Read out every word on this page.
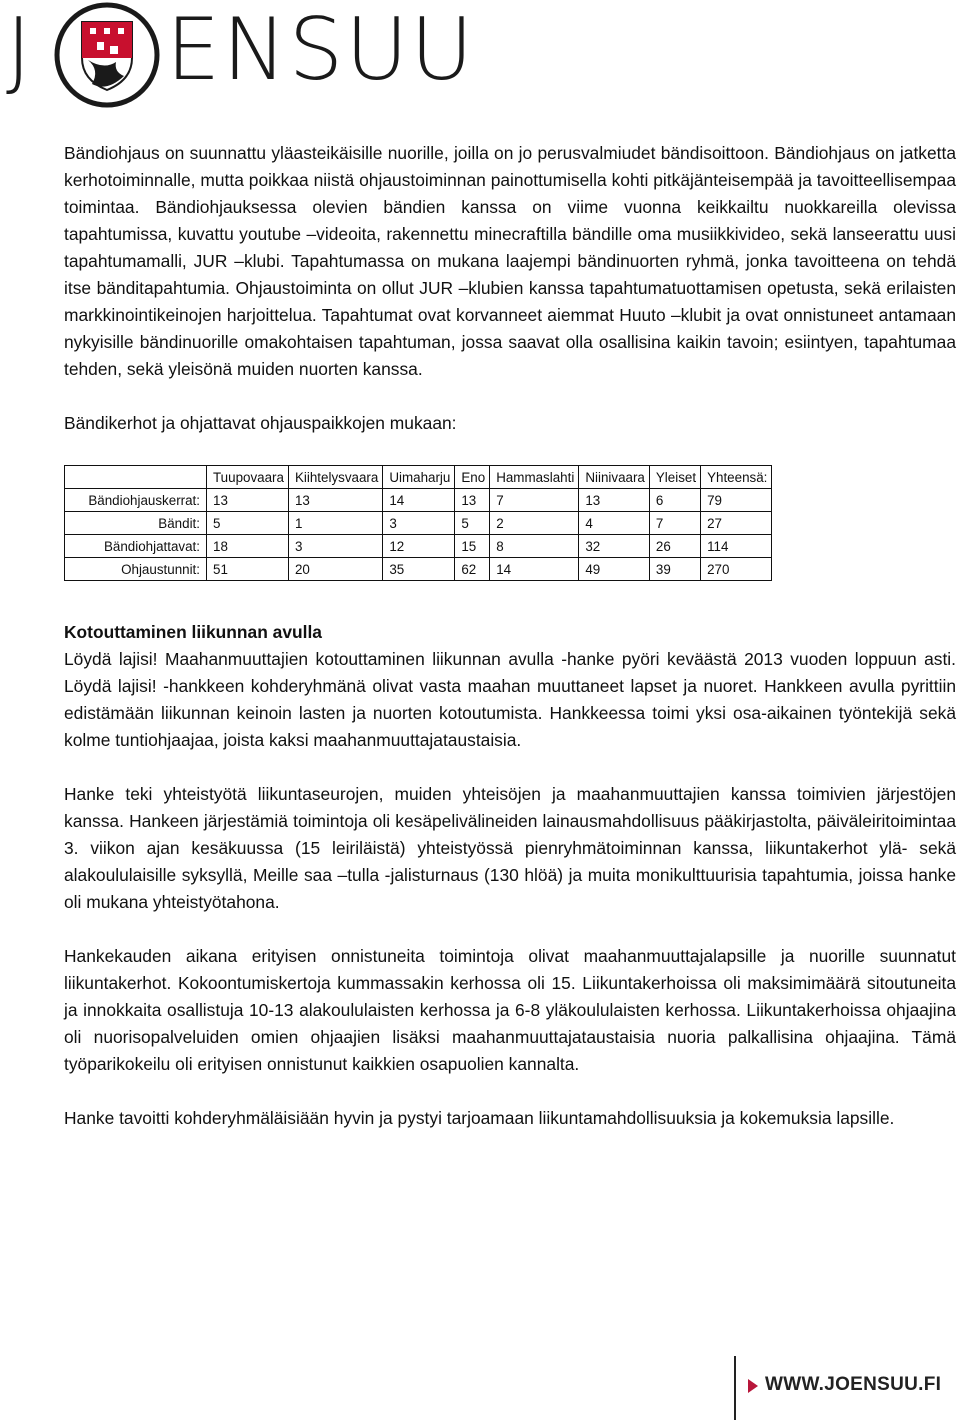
J ENSUU

Bändiohjaus on suunnattu yläasteikäisille nuorille, joilla on jo perusvalmiudet bändisoittoon. Bändiohjaus on jatketta kerhotoiminnalle, mutta poikkaa niistä ohjaustoiminnan painottumisella kohti pitkäjänteisempää ja tavoitteellisempaa toimintaa. Bändiohjauksessa olevien bändien kanssa on viime vuonna keikkailtu nuokkareilla olevissa tapahtumissa, kuvattu youtube –videoita, rakennettu minecraftilla bändille oma musiikkivideo, sekä lanseerattu uusi tapahtumamalli, JUR –klubi. Tapahtumassa on mukana laajempi bändinuorten ryhmä, jonka tavoitteena on tehdä itse bänditapahtumia. Ohjaustoiminta on ollut JUR –klubien kanssa tapahtumatuottamisen opetusta, sekä erilaisten markkinointikeinojen harjoittelua. Tapahtumat ovat korvanneet aiemmat Huuto –klubit ja ovat onnistuneet antamaan nykyisille bändinuorille omakohtaisen tapahtuman, jossa saavat olla osallisina kaikin tavoin; esiintyen, tapahtumaa tehden, sekä yleisönä muiden nuorten kanssa.

Bändikerhot ja ohjattavat ohjauspaikkojen mukaan:
	Tuupovaara	Kiihtelysvaara	Uimaharju	Eno	Hammaslahti	Niinivaara	Yleiset	Yhteensä:
Bändiohjauskerrat:	13	13	14	13	7	13	6	79
Bändit:	5	1	3	5	2	4	7	27
Bändiohjattavat:	18	3	12	15	8	32	26	114
Ohjaustunnit:	51	20	35	62	14	49	39	270
Kotouttaminen liikunnan avulla

Löydä lajisi! Maahanmuuttajien kotouttaminen liikunnan avulla -hanke pyöri keväästä 2013 vuoden loppuun asti. Löydä lajisi! -hankkeen kohderyhmänä olivat vasta maahan muuttaneet lapset ja nuoret. Hankkeen avulla pyrittiin edistämään liikunnan keinoin lasten ja nuorten kotoutumista. Hankkeessa toimi yksi osa-aikainen työntekijä sekä kolme tuntiohjaajaa, joista kaksi maahanmuuttajataustaisia.

Hanke teki yhteistyötä liikuntaseurojen, muiden yhteisöjen ja maahanmuuttajien kanssa toimivien järjestöjen kanssa. Hankeen järjestämiä toimintoja oli kesäpelivälineiden lainausmahdollisuus pääkirjastolta, päiväleiritoimintaa 3. viikon ajan kesäkuussa (15 leiriläistä) yhteistyössä pienryhmätoiminnan kanssa, liikuntakerhot ylä- sekä alakoululaisille syksyllä, Meille saa –tulla -jalisturnaus (130 hlöä) ja muita monikulttuurisia tapahtumia, joissa hanke oli mukana yhteistyötahona.

Hankekauden aikana erityisen onnistuneita toimintoja olivat maahanmuuttajalapsille ja nuorille suunnatut liikuntakerhot. Kokoontumiskertoja kummassakin kerhossa oli 15. Liikuntakerhoissa oli maksimimäärä sitoutuneita ja innokkaita osallistuja 10-13 alakoululaisten kerhossa ja 6-8 yläkoululaisten kerhossa. Liikuntakerhoissa ohjaajina oli nuorisopalveluiden omien ohjaajien lisäksi maahanmuuttajataustaisia nuoria palkallisina ohjaajina. Tämä työparikokeilu oli erityisen onnistunut kaikkien osapuolien kannalta.

Hanke tavoitti kohderyhmäläisiään hyvin ja pystyi tarjoamaan liikuntamahdollisuuksia ja kokemuksia lapsille.

WWW.JOENSUU.FI
